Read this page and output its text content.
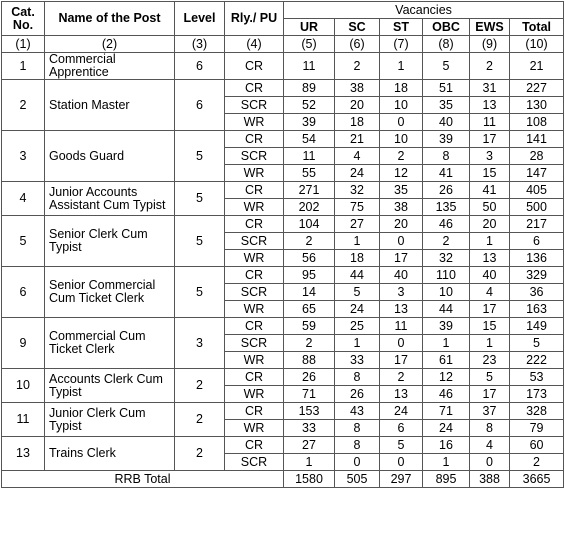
Cat. No.	Name of the Post	Level	Rly./ PU	Vacancies					
				UR	SC	ST	OBC	EWS	Total
(1)	(2)	(3)	(4)	(5)	(6)	(7)	(8)	(9)	(10)
1	Commercial Apprentice	6	CR	11	2	1	5	2	21
2	Station Master	6	CR	89	38	18	51	31	227
			SCR	52	20	10	35	13	130
			WR	39	18	0	40	11	108
3	Goods Guard	5	CR	54	21	10	39	17	141
			SCR	11	4	2	8	3	28
			WR	55	24	12	41	15	147
4	Junior Accounts Assistant Cum Typist	5	CR	271	32	35	26	41	405
			WR	202	75	38	135	50	500
5	Senior Clerk Cum Typist	5	CR	104	27	20	46	20	217
			SCR	2	1	0	2	1	6
			WR	56	18	17	32	13	136
6	Senior Commercial Cum Ticket Clerk	5	CR	95	44	40	110	40	329
			SCR	14	5	3	10	4	36
			WR	65	24	13	44	17	163
9	Commercial Cum Ticket Clerk	3	CR	59	25	11	39	15	149
			SCR	2	1	0	1	1	5
			WR	88	33	17	61	23	222
10	Accounts Clerk Cum Typist	2	CR	26	8	2	12	5	53
			WR	71	26	13	46	17	173
11	Junior Clerk Cum Typist	2	CR	153	43	24	71	37	328
			WR	33	8	6	24	8	79
13	Trains Clerk	2	CR	27	8	5	16	4	60
			SCR	1	0	0	1	0	2
RRB Total				1580	505	297	895	388	3665
